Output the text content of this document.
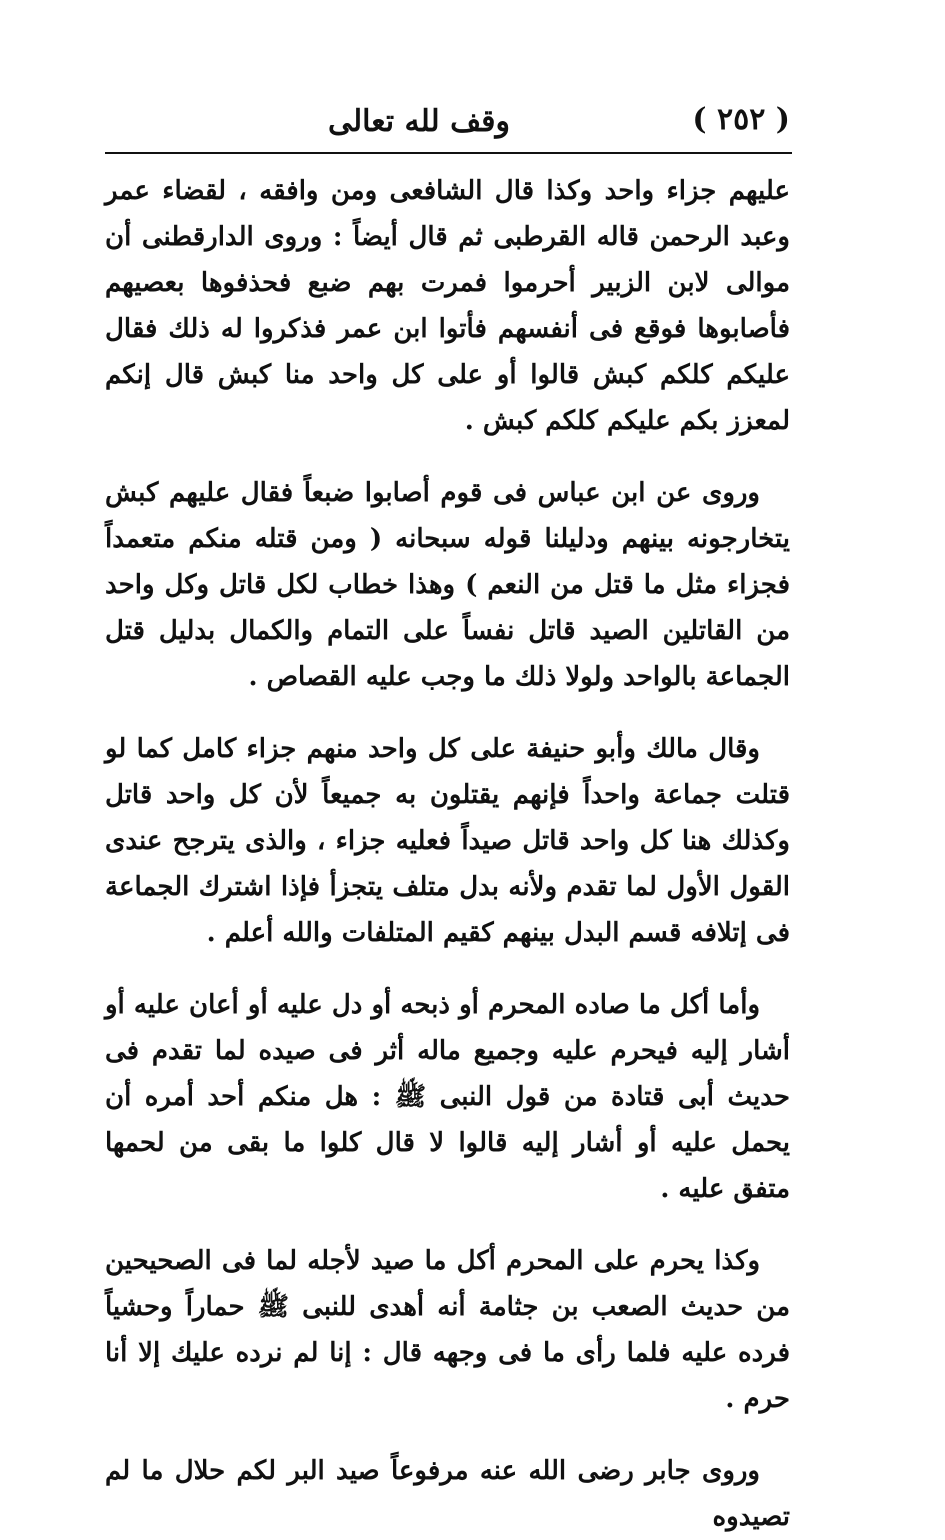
( ٢٥٢ )
وقف لله تعالى

عليهم جزاء واحد وكذا قال الشافعى ومن وافقه ، لقضاء عمر وعبد الرحمن قاله القرطبى ثم قال أيضاً : وروى الدارقطنى أن موالى لابن الزبير أحرموا فمرت بهم ضبع فحذفوها بعصيهم فأصابوها فوقع فى أنفسهم فأتوا ابن عمر فذكروا له ذلك فقال عليكم كلكم كبش قالوا أو على كل واحد منا كبش قال إنكم لمعزز بكم عليكم كلكم كبش .

وروى عن ابن عباس فى قوم أصابوا ضبعاً فقال عليهم كبش يتخارجونه بينهم ودليلنا قوله سبحانه ( ومن قتله منكم متعمداً فجزاء مثل ما قتل من النعم ) وهذا خطاب لكل قاتل وكل واحد من القاتلين الصيد قاتل نفساً على التمام والكمال بدليل قتل الجماعة بالواحد ولولا ذلك ما وجب عليه القصاص .

وقال مالك وأبو حنيفة على كل واحد منهم جزاء كامل كما لو قتلت جماعة واحداً فإنهم يقتلون به جميعاً لأن كل واحد قاتل وكذلك هنا كل واحد قاتل صيداً فعليه جزاء ، والذى يترجح عندى القول الأول لما تقدم ولأنه بدل متلف يتجزأ فإذا اشترك الجماعة فى إتلافه قسم البدل بينهم كقيم المتلفات والله أعلم .

وأما أكل ما صاده المحرم أو ذبحه أو دل عليه أو أعان عليه أو أشار إليه فيحرم عليه وجميع ماله أثر فى صيده لما تقدم فى حديث أبى قتادة من قول النبى ﷺ : هل منكم أحد أمره أن يحمل عليه أو أشار إليه قالوا لا قال كلوا ما بقى من لحمها متفق عليه .

وكذا يحرم على المحرم أكل ما صيد لأجله لما فى الصحيحين من حديث الصعب بن جثامة أنه أهدى للنبى ﷺ حماراً وحشياً فرده عليه فلما رأى ما فى وجهه قال : إنا لم نرده عليك إلا أنا حرم .

وروى جابر رضى الله عنه مرفوعاً صيد البر لكم حلال ما لم تصيدوه
